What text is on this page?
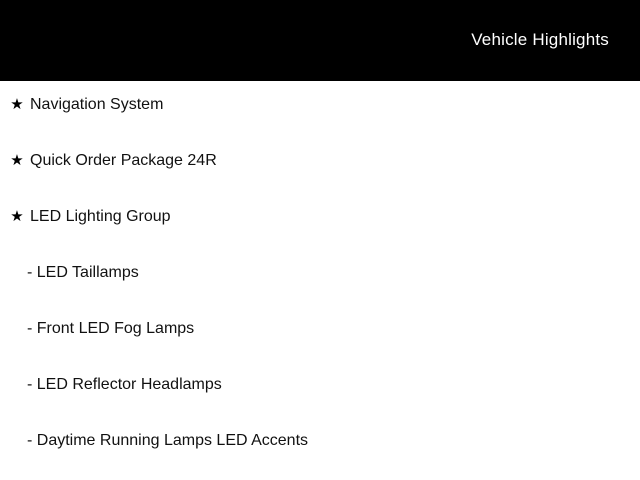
Vehicle Highlights
★ Navigation System
★ Quick Order Package 24R
★ LED Lighting Group
- LED Taillamps
- Front LED Fog Lamps
- LED Reflector Headlamps
- Daytime Running Lamps LED Accents
